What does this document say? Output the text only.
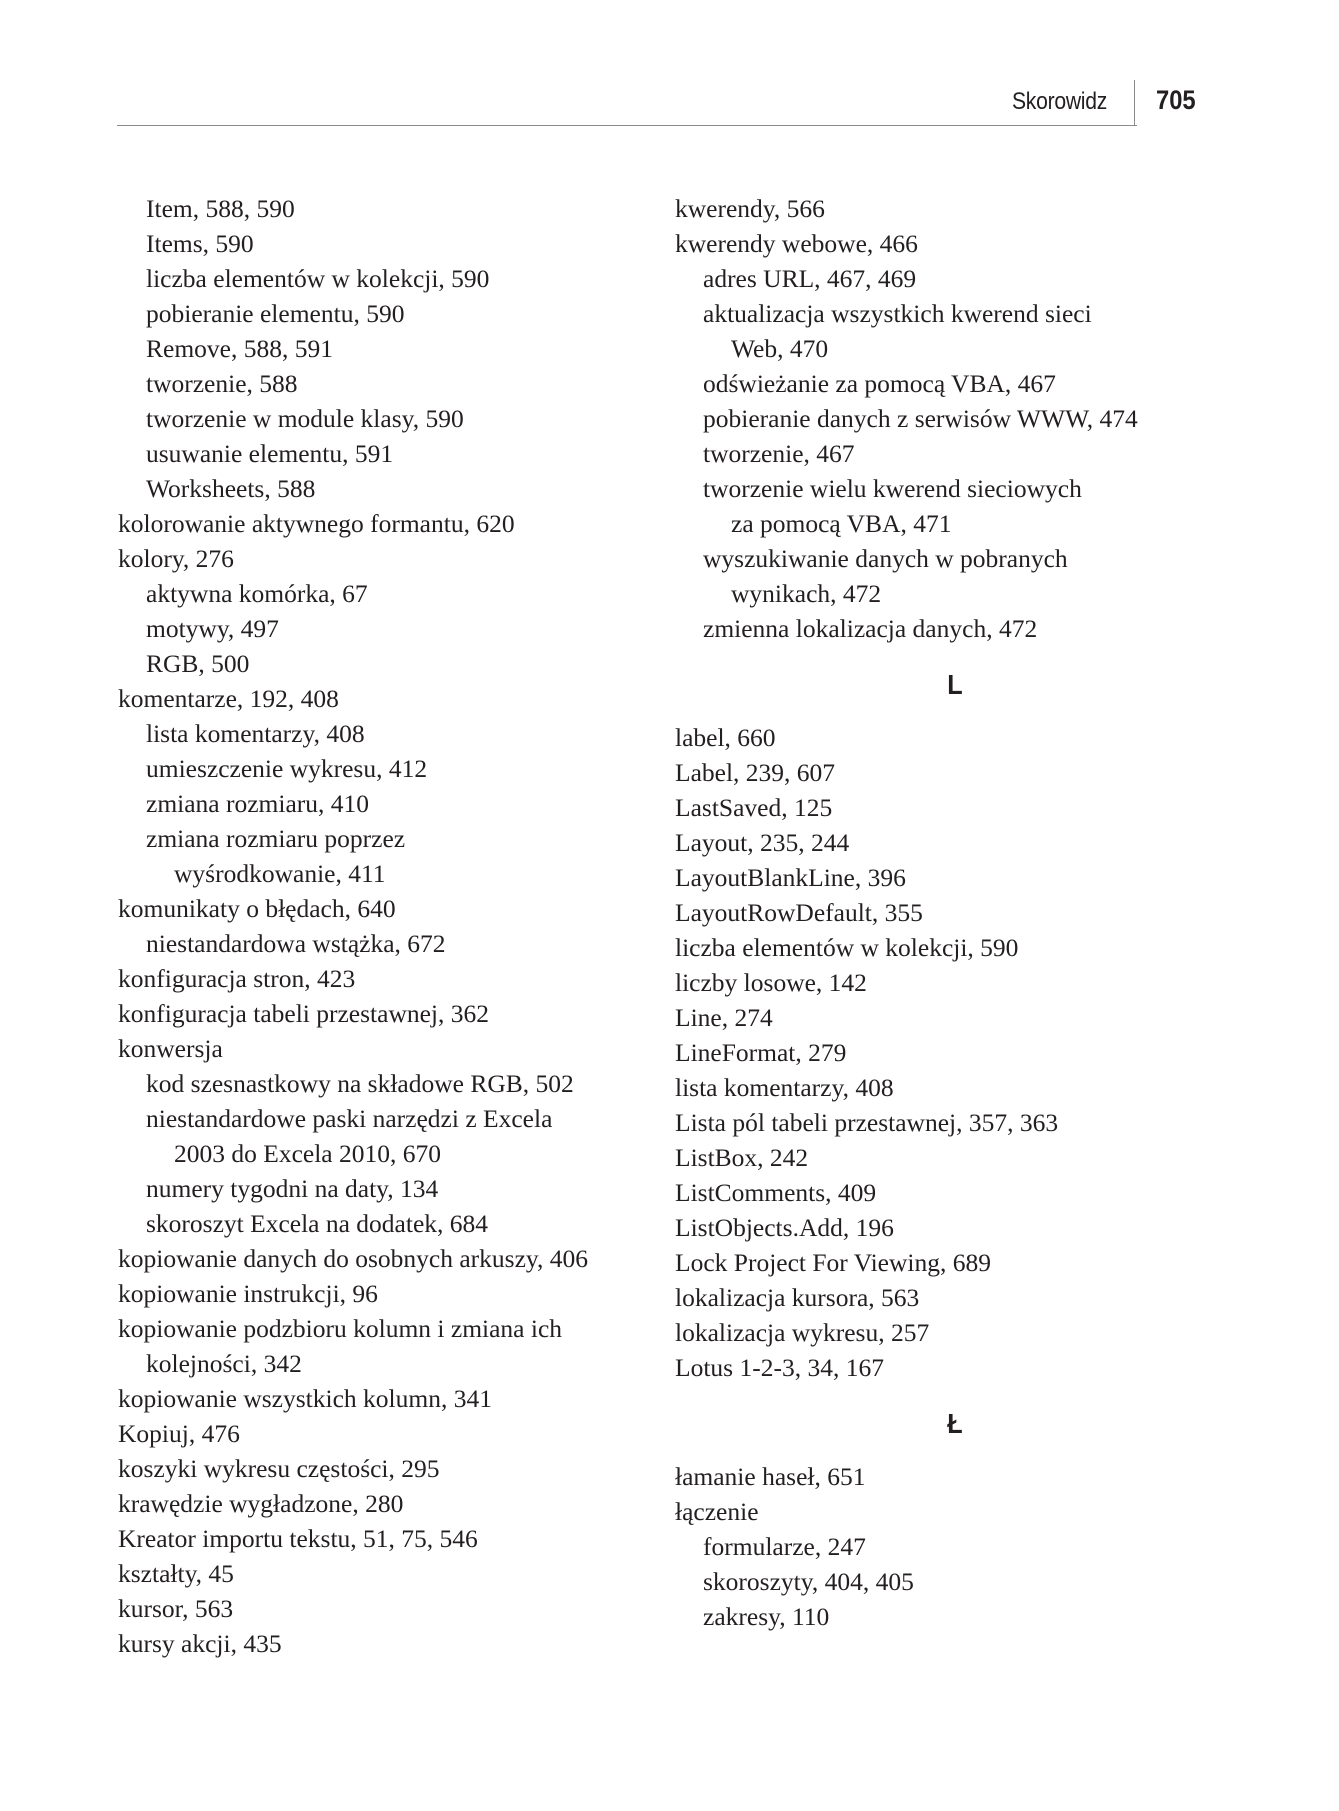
Skorowidz 705
Item, 588, 590
Items, 590
liczba elementów w kolekcji, 590
pobieranie elementu, 590
Remove, 588, 591
tworzenie, 588
tworzenie w module klasy, 590
usuwanie elementu, 591
Worksheets, 588
kolorowanie aktywnego formantu, 620
kolory, 276
aktywna komórka, 67
motywy, 497
RGB, 500
komentarze, 192, 408
lista komentarzy, 408
umieszczenie wykresu, 412
zmiana rozmiaru, 410
zmiana rozmiaru poprzez
wyśrodkowanie, 411
komunikaty o błędach, 640
niestandardowa wstążka, 672
konfiguracja stron, 423
konfiguracja tabeli przestawnej, 362
konwersja
kod szesnastkowy na składowe RGB, 502
niestandardowe paski narzędzi z Excela
2003 do Excela 2010, 670
numery tygodni na daty, 134
skoroszyt Excela na dodatek, 684
kopiowanie danych do osobnych arkuszy, 406
kopiowanie instrukcji, 96
kopiowanie podzbioru kolumn i zmiana ich
kolejności, 342
kopiowanie wszystkich kolumn, 341
Kopiuj, 476
koszyki wykresu częstości, 295
krawędzie wygładzone, 280
Kreator importu tekstu, 51, 75, 546
kształty, 45
kursor, 563
kursy akcji, 435
kwerendy, 566
kwerendy webowe, 466
adres URL, 467, 469
aktualizacja wszystkich kwerend sieci
Web, 470
odświeżanie za pomocą VBA, 467
pobieranie danych z serwisów WWW, 474
tworzenie, 467
tworzenie wielu kwerend sieciowych
za pomocą VBA, 471
wyszukiwanie danych w pobranych
wynikach, 472
zmienna lokalizacja danych, 472
L
label, 660
Label, 239, 607
LastSaved, 125
Layout, 235, 244
LayoutBlankLine, 396
LayoutRowDefault, 355
liczba elementów w kolekcji, 590
liczby losowe, 142
Line, 274
LineFormat, 279
lista komentarzy, 408
Lista pól tabeli przestawnej, 357, 363
ListBox, 242
ListComments, 409
ListObjects.Add, 196
Lock Project For Viewing, 689
lokalizacja kursora, 563
lokalizacja wykresu, 257
Lotus 1-2-3, 34, 167
Ł
łamanie haseł, 651
łączenie
formularze, 247
skoroszyty, 404, 405
zakresy, 110
